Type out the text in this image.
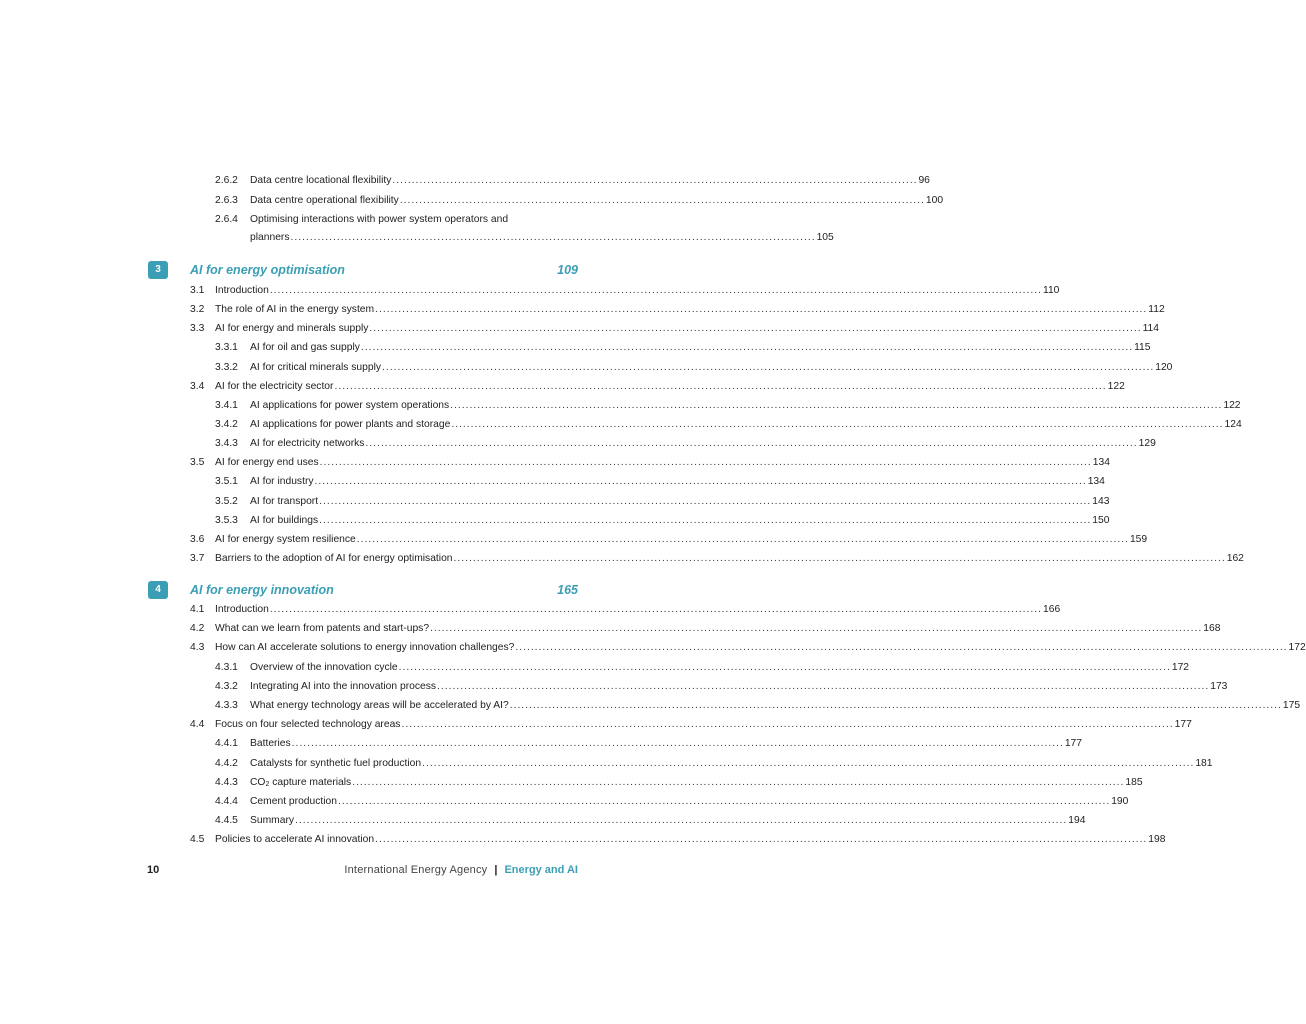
2.6.2 Data centre locational flexibility ........................................................................................................................................ 96
2.6.3 Data centre operational flexibility ........................................................................................................................................ 100
2.6.4 Optimising interactions with power system operators and
planners ........................................................................................................................................ 105
3	AI for energy optimisation	109
3.1 Introduction ........................................................................................................................................................................................................ 110
3.2 The role of AI in the energy system ........................................................................................................................................................................................................ 112
3.3 AI for energy and minerals supply ........................................................................................................................................................................................................ 114
3.3.1 AI for oil and gas supply ........................................................................................................................................................................................................ 115
3.3.2 AI for critical minerals supply ........................................................................................................................................................................................................ 120
3.4 AI for the electricity sector ........................................................................................................................................................................................................ 122
3.4.1 AI applications for power system operations ........................................................................................................................................................................................................ 122
3.4.2 AI applications for power plants and storage ........................................................................................................................................................................................................ 124
3.4.3 AI for electricity networks ........................................................................................................................................................................................................ 129
3.5 AI for energy end uses ........................................................................................................................................................................................................ 134
3.5.1 AI for industry ........................................................................................................................................................................................................ 134
3.5.2 AI for transport ........................................................................................................................................................................................................ 143
3.5.3 AI for buildings ........................................................................................................................................................................................................ 150
3.6 AI for energy system resilience ........................................................................................................................................................................................................ 159
3.7 Barriers to the adoption of AI for energy optimisation ........................................................................................................................................................................................................ 162
4	AI for energy innovation	165
4.1 Introduction ........................................................................................................................................................................................................ 166
4.2 What can we learn from patents and start-ups? ........................................................................................................................................................................................................ 168
4.3 How can AI accelerate solutions to energy innovation challenges? ........................................................................................................................................................................................................ 172
4.3.1 Overview of the innovation cycle ........................................................................................................................................................................................................ 172
4.3.2 Integrating AI into the innovation process ........................................................................................................................................................................................................ 173
4.3.3 What energy technology areas will be accelerated by AI? ........................................................................................................................................................................................................ 175
4.4 Focus on four selected technology areas ........................................................................................................................................................................................................ 177
4.4.1 Batteries ........................................................................................................................................................................................................ 177
4.4.2 Catalysts for synthetic fuel production ........................................................................................................................................................................................................ 181
4.4.3 $CO_2$ capture materials ........................................................................................................................................................................................................ 185
4.4.4 Cement production ........................................................................................................................................................................................................ 190
4.4.5 Summary ........................................................................................................................................................................................................ 194
4.5 Policies to accelerate AI innovation ........................................................................................................................................................................................................ 198
10	International Energy Agency | Energy and AI
